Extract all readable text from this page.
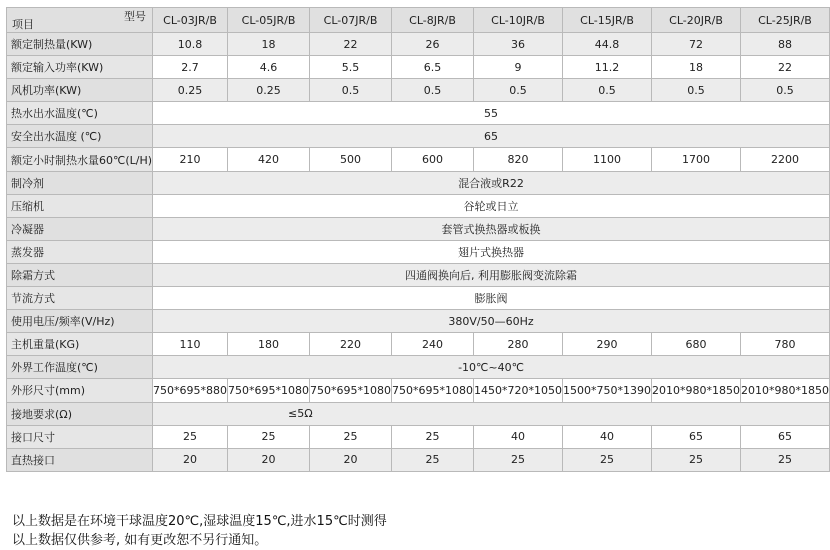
型号
项目	CL-03JR/B	CL-05JR/B	CL-07JR/B	CL-8JR/B	CL-10JR/B	CL-15JR/B	CL-20JR/B	CL-25JR/B
额定制热量(KW)	10.8	18	22	26	36	44.8	72	88
额定输入功率(KW)	2.7	4.6	5.5	6.5	9	11.2	18	22
风机功率(KW)	0.25	0.25	0.5	0.5	0.5	0.5	0.5	0.5
热水出水温度(℃)	55							
安全出水温度 (℃)	65							
额定小时制热水量60℃(L/H)	210	420	500	600	820	1100	1700	2200
制冷剂	混合液或R22							
压缩机	谷轮或日立							
冷凝器	套管式换热器或板换							
蒸发器	翅片式换热器							
除霜方式	四通阀换向后, 利用膨胀阀变流除霜							
节流方式	膨胀阀							
使用电压/频率(V/Hz)	380V/50—60Hz							
主机重量(KG)	110	180	220	240	280	290	680	780
外界工作温度(℃)	-10℃~40℃							
外形尺寸(mm)	750*695*880	750*695*1080	750*695*1080	750*695*1080	1450*720*1050	1500*750*1390	2010*980*1850	2010*980*1850
接地要求(Ω)	≤5Ω							
接口尺寸	25	25	25	25	40	40	65	65
直热接口	20	20	20	25	25	25	25	25
以上数据是在环境干球温度20℃,湿球温度15℃,进水15℃时测得
以上数据仅供参考, 如有更改恕不另行通知。
